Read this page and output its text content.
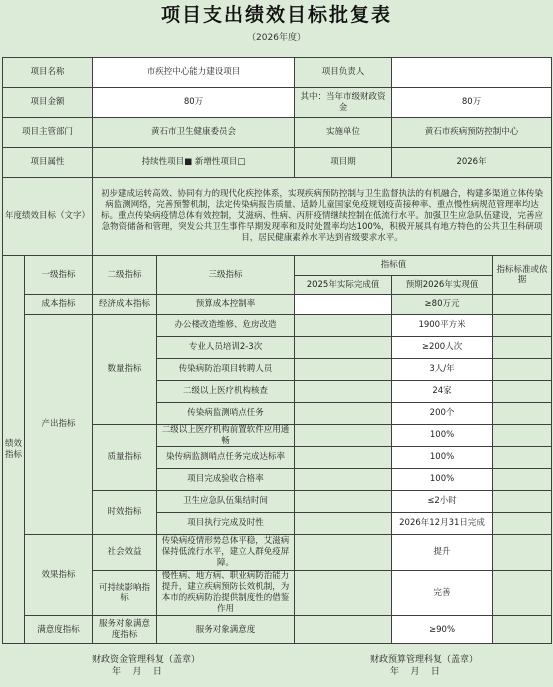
项目支出绩效目标批复表
（2026年度）
项目名称		市疾控中心能力建设项目		项目负责人		
项目金额		80万		其中：当年市级财政资金	80万	
项目主管部门		黄石市卫生健康委员会		实施单位	黄石市疾病预防控制中心	
项目属性		持续性项目■ 新增性项目□		项目期	2026年	
年度绩效目标（文字）		初步建成运转高效、协同有力的现代化疾控体系，实现疾病预防控制与卫生监督执法的有机融合，构建多渠道立体传染病监测网络，完善预警机制，法定传染病报告质量、适龄儿童国家免疫规划疫苗接种率、重点慢性病规范管理率均达标。重点传染病疫情总体有效控制，艾滋病、性病、丙肝疫情继续控制在低流行水平。加强卫生应急队伍建设，完善应急物资储备和管理，突发公共卫生事件早期发现率和及时处置率均达100%，积极开展具有地方特色的公共卫生科研项目，居民健康素养水平达到省级要求水平。				
绩效指标	一级指标	二级指标	三级指标	指标值		指标标准或依据
				2025年实际完成值	预期2026年实现值	
	成本指标	经济成本指标	预算成本控制率		≥80万元	
	产出指标	数量指标	办公楼改造维修、危房改造		1900平方米	
			专业人员培训2-3次		≥200人次	
			传染病防治项目转聘人员		3人/年	
			二级以上医疗机构核查		24家	
			传染病监测哨点任务		200个	
		质量指标	二级以上医疗机构前置软件应用通畅		100%	
			染传病监测哨点任务完成达标率		100%	
			项目完成验收合格率		100%	
		时效指标	卫生应急队伍集结时间		≤2小时	
			项目执行完成及时性		2026年12月31日完成	
	效果指标	社会效益	传染病疫情形势总体平稳，艾滋病保持低流行水平，建立人群免疫屏障。		提升	
		可持续影响指标	慢性病、地方病、职业病防治能力提升，建立疾病预防长效机制，为本市的疾病防治提供制度性的借鉴作用		完善	
	满意度指标	服务对象满意度指标	服务对象满意度		≥90%	
财政资金管理科复（盖章）
年    月    日
财政预算管理科复（盖章）
年    月    日
